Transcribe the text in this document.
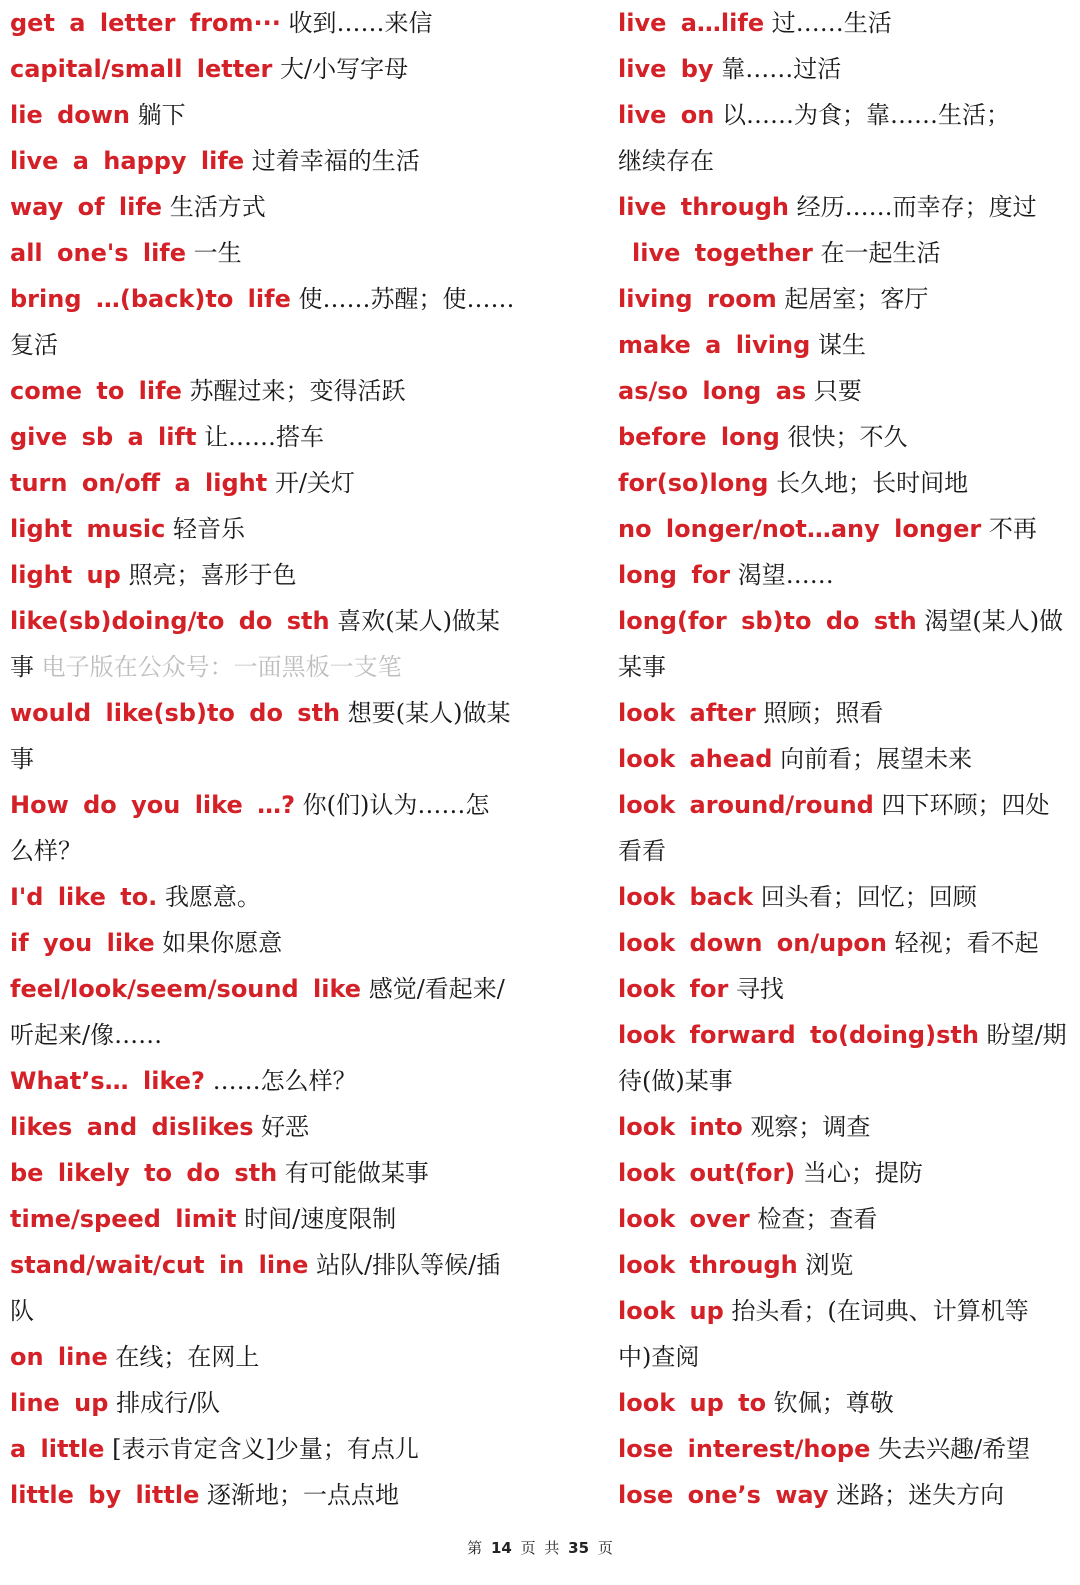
get a letter from··· 收到……来信
capital/small letter 大/小写字母
lie down 躺下
live a happy life 过着幸福的生活
way of life 生活方式
all one's life 一生
bring …(back)to life 使……苏醒；使……
复活
come to life 苏醒过来；变得活跃
give sb a lift 让……搭车
turn on/off a light 开/关灯
light music 轻音乐
light up 照亮；喜形于色
like(sb)doing/to do sth 喜欢(某人)做某
事 电子版在公众号：一面黑板一支笔
would like(sb)to do sth 想要(某人)做某
事
How do you like …? 你(们)认为……怎
么样？
I'd like to. 我愿意。
if you like 如果你愿意
feel/look/seem/sound like 感觉/看起来/
听起来/像……
What’s… like? ……怎么样？
likes and dislikes 好恶
be likely to do sth 有可能做某事
time/speed limit 时间/速度限制
stand/wait/cut in line 站队/排队等候/插
队
on line 在线；在网上
line up 排成行/队
a little [表示肯定含义]少量；有点儿
little by little 逐渐地；一点点地
live a…life 过……生活
live by 靠……过活
live on 以……为食；靠……生活；
继续存在
live through 经历……而幸存；度过
live together 在一起生活
living room 起居室；客厅
make a living 谋生
as/so long as 只要
before long 很快；不久
for(so)long 长久地；长时间地
no longer/not…any longer 不再
long for 渴望……
long(for sb)to do sth 渴望(某人)做
某事
look after 照顾；照看
look ahead 向前看；展望未来
look around/round 四下环顾；四处
看看
look back 回头看；回忆；回顾
look down on/upon 轻视；看不起
look for 寻找
look forward to(doing)sth 盼望/期
待(做)某事
look into 观察；调查
look out(for) 当心；提防
look over 检查；查看
look through 浏览
look up 抬头看；(在词典、计算机等
中)查阅
look up to 钦佩；尊敬
lose interest/hope 失去兴趣/希望
lose one’s way 迷路；迷失方向
第 14 页 共 35 页
